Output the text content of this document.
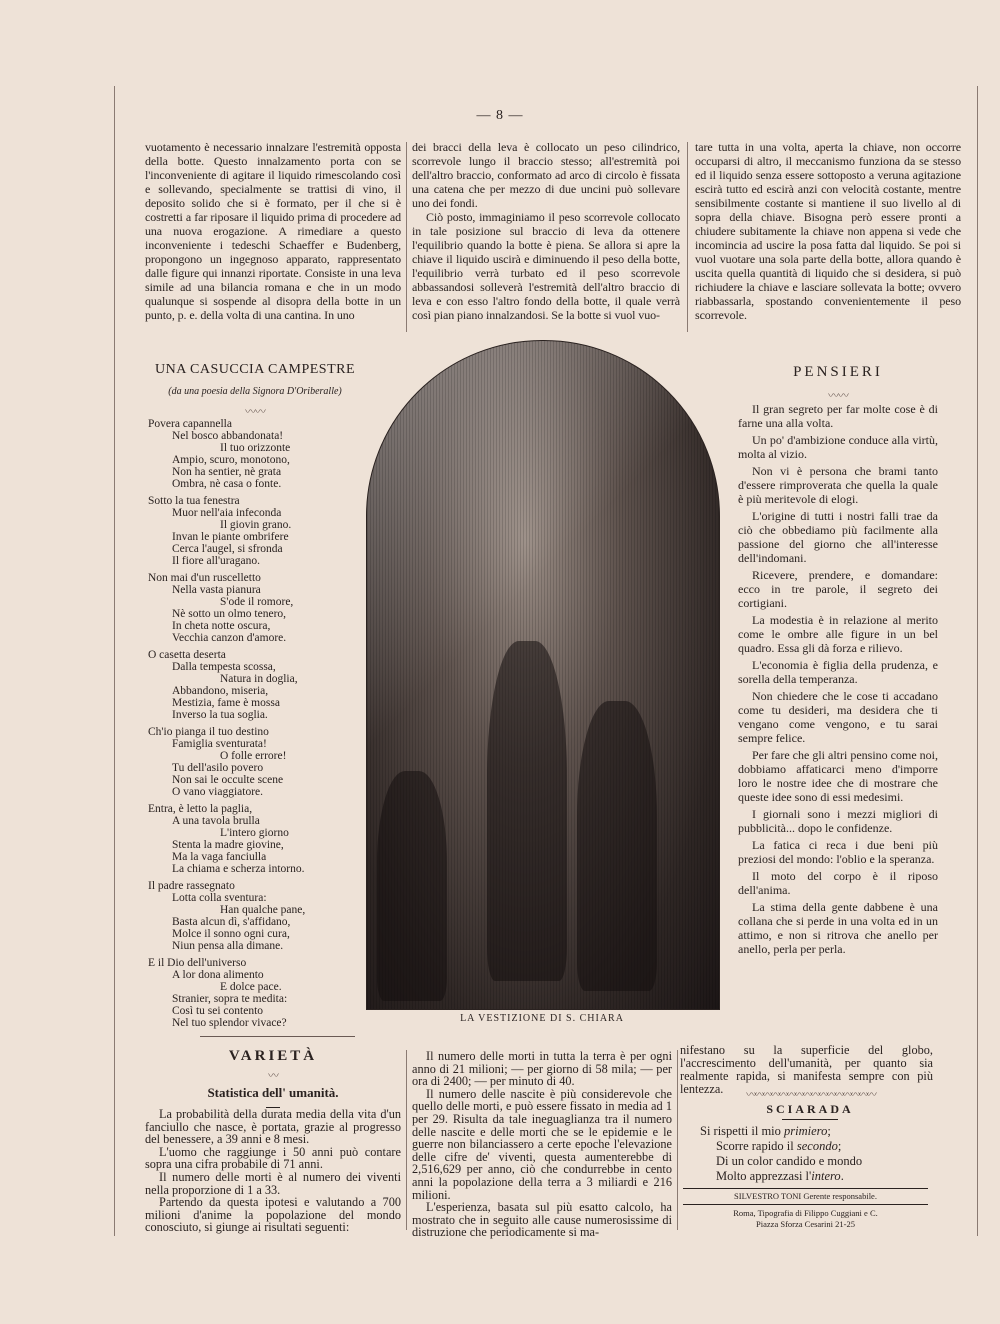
— 8 —

vuotamento è necessario innalzare l'estremità opposta della botte. Questo innalzamento porta con se l'inconveniente di agitare il liquido rimescolando così e sollevando, specialmente se trattisi di vino, il deposito solido che si è formato, per il che si è costretti a far riposare il liquido prima di procedere ad una nuova erogazione. A rimediare a questo inconveniente i tedeschi Schaeffer e Budenberg, propongono un ingegnoso apparato, rappresentato dalle figure qui innanzi riportate. Consiste in una leva simile ad una bilancia romana e che in un modo qualunque si sospende al disopra della botte in un punto, p. e. della volta di una cantina. In uno

dei bracci della leva è collocato un peso cilindrico, scorrevole lungo il braccio stesso; all'estremità poi dell'altro braccio, conformato ad arco di circolo è fissata una catena che per mezzo di due uncini può sollevare uno dei fondi.

Ciò posto, immaginiamo il peso scorrevole collocato in tale posizione sul braccio di leva da ottenere l'equilibrio quando la botte è piena. Se allora si apre la chiave il liquido uscirà e diminuendo il peso della botte, l'equilibrio verrà turbato ed il peso scorrevole abbassandosi solleverà l'estremità dell'altro braccio di leva e con esso l'altro fondo della botte, il quale verrà così pian piano innalzandosi. Se la botte si vuol vuo-

tare tutta in una volta, aperta la chiave, non occorre occuparsi di altro, il meccanismo funziona da se stesso ed il liquido senza essere sottoposto a veruna agitazione escirà tutto ed escirà anzi con velocità costante, mentre sensibilmente costante si mantiene il suo livello al di sopra della chiave. Bisogna però essere pronti a chiudere subitamente la chiave non appena si vede che incomincia ad uscire la posa fatta dal liquido. Se poi si vuol vuotare una sola parte della botte, allora quando è uscita quella quantità di liquido che si desidera, si può richiudere la chiave e lasciare sollevata la botte; ovvero riabbassarla, spostando convenientemente il peso scorrevole.

UNA CASUCCIA CAMPESTRE
(da una poesia della Signora D'Oriberalle)
〰〰
Povera capannella
Nel bosco abbandonata!
Il tuo orizzonte
Ampio, scuro, monotono,
Non ha sentier, nè grata
Ombra, nè casa o fonte.
Sotto la tua fenestra
Muor nell'aia infeconda
Il giovin grano.
Invan le piante ombrifere
Cerca l'augel, si sfronda
Il fiore all'uragano.
Non mai d'un ruscelletto
Nella vasta pianura
S'ode il romore,
Nè sotto un olmo tenero,
In cheta notte oscura,
Vecchia canzon d'amore.
O casetta deserta
Dalla tempesta scossa,
Natura in doglia,
Abbandono, miseria,
Mestizia, fame è mossa
Inverso la tua soglia.
Ch'io pianga il tuo destino
Famiglia sventurata!
O folle errore!
Tu dell'asilo povero
Non sai le occulte scene
O vano viaggiatore.
Entra, è letto la paglia,
A una tavola brulla
L'intero giorno
Stenta la madre giovine,
Ma la vaga fanciulla
La chiama e scherza intorno.
Il padre rassegnato
Lotta colla sventura:
Han qualche pane,
Basta alcun dì, s'affidano,
Molce il sonno ogni cura,
Niun pensa alla dimane.
E il Dio dell'universo
A lor dona alimento
E dolce pace.
Stranier, sopra te medita:
Così tu sei contento
Nel tuo splendor vivace?	LA VESTIZIONE DI S. CHIARA
PENSIERI
〰〰

Il gran segreto per far molte cose è di farne una alla volta.

Un po' d'ambizione conduce alla virtù, molta al vizio.

Non vi è persona che brami tanto d'essere rimproverata che quella la quale è più meritevole di elogi.

L'origine di tutti i nostri falli trae da ciò che obbediamo più facilmente alla passione del giorno che all'interesse dell'indomani.

Ricevere, prendere, e domandare: ecco in tre parole, il segreto dei cortigiani.

La modestia è in relazione al merito come le ombre alle figure in un bel quadro. Essa gli dà forza e rilievo.

L'economia è figlia della prudenza, e sorella della temperanza.

Non chiedere che le cose ti accadano come tu desideri, ma desidera che ti vengano come vengono, e tu sarai sempre felice.

Per fare che gli altri pensino come noi, dobbiamo affaticarci meno d'imporre loro le nostre idee che di mostrare che queste idee sono di essi medesimi.

I giornali sono i mezzi migliori di pubblicità... dopo le confidenze.

La fatica ci reca i due beni più preziosi del mondo: l'oblio e la speranza.

Il moto del corpo è il riposo dell'anima.

La stima della gente dabbene è una collana che si perde in una volta ed in un attimo, e non si ritrova che anello per anello, perla per perla.

VARIETÀ
〰
Statistica dell' umanità.

La probabilità della durata media della vita d'un fanciullo che nasce, è portata, grazie al progresso del benessere, a 39 anni e 8 mesi.

L'uomo che raggiunge i 50 anni può contare sopra una cifra probabile di 71 anni.

Il numero delle morti è al numero dei viventi nella proporzione di 1 a 33.

Partendo da questa ipotesi e valutando a 700 milioni d'anime la popolazione del mondo conosciuto, si giunge ai risultati seguenti:

Il numero delle morti in tutta la terra è per ogni anno di 21 milioni; — per giorno di 58 mila; — per ora di 2400; — per minuto di 40.

Il numero delle nascite è più considerevole che quello delle morti, e può essere fissato in media ad 1 per 29. Risulta da tale ineguaglianza tra il numero delle nascite e delle morti che se le epidemie e le guerre non bilanciassero a certe epoche l'elevazione delle cifre de' viventi, questa aumenterebbe di 2,516,629 per anno, ciò che condurrebbe in cento anni la popolazione della terra a 3 miliardi e 216 milioni.

L'esperienza, basata sul più esatto calcolo, ha mostrato che in seguito alle cause numerosissime di distruzione che periodicamente si ma-

nifestano su la superficie del globo, l'accrescimento dell'umanità, per quanto sia realmente rapida, si manifesta sempre con più lentezza.	〰〰〰〰〰〰〰〰〰〰〰〰〰〰〰〰
SCIARADA
Si rispetti il mio primiero;
Scorre rapido il secondo;
Di un color candido e mondo
Molto apprezzasi l'intero.
SILVESTRO TONI Gerente responsabile.
Roma, Tipografia di Filippo Cuggiani e C.
Piazza Sforza Cesarini 21-25
